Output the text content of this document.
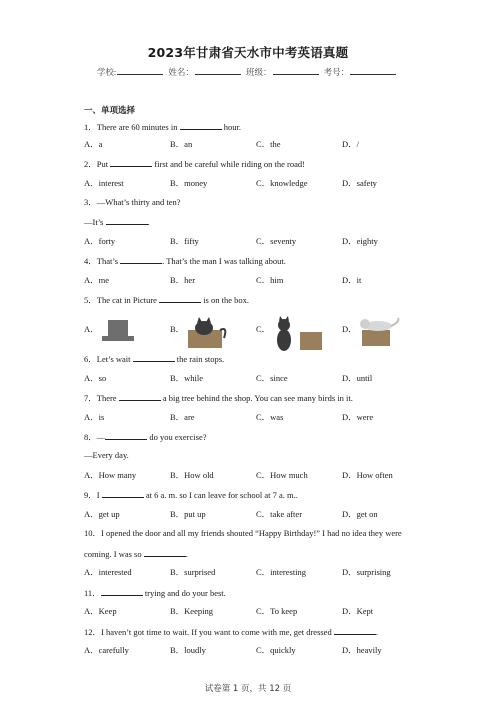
2023年甘肃省天水市中考英语真题
学校:	姓名：	班级：	考号：
一、单项选择
1．There are 60 minutes in	hour.
A．a	B．an	C．the	D．/
2．Put	first and be careful while riding on the road!
A．interest	B．money	C．knowledge	D．safety
3．—What’s thirty and ten?
—It’s	.
A．forty	B．fifty	C．seventy	D．eighty
4．That’s	. That’s the man I was talking about.
A．me	B．her	C．him	D．it
5．The cat in Picture	is on the box.
A．	B．	C．	D．
6．Let’s wait	the rain stops.
A．so	B．while	C．since	D．until
7．There	a big tree behind the shop. You can see many birds in it.
A．is	B．are	C．was	D．were
8．—	do you exercise?
—Every day.
A．How many	B．How old	C．How much	D．How often
9．I	at 6 a. m. so I can leave for school at 7 a. m..
A．get up	B．put up	C．take after	D．get on
10．I opened the door and all my friends shouted “Happy Birthday!” I had no idea they were
coming. I was so	.
A．interested	B．surprised	C．interesting	D．surprising
11．	trying and do your best.
A．Keep	B．Keeping	C．To keep	D．Kept
12．I haven’t got time to wait. If you want to come with me, get dressed	.
A．carefully	B．loudly	C．quickly	D．heavily
试卷第 1 页，共 12 页
